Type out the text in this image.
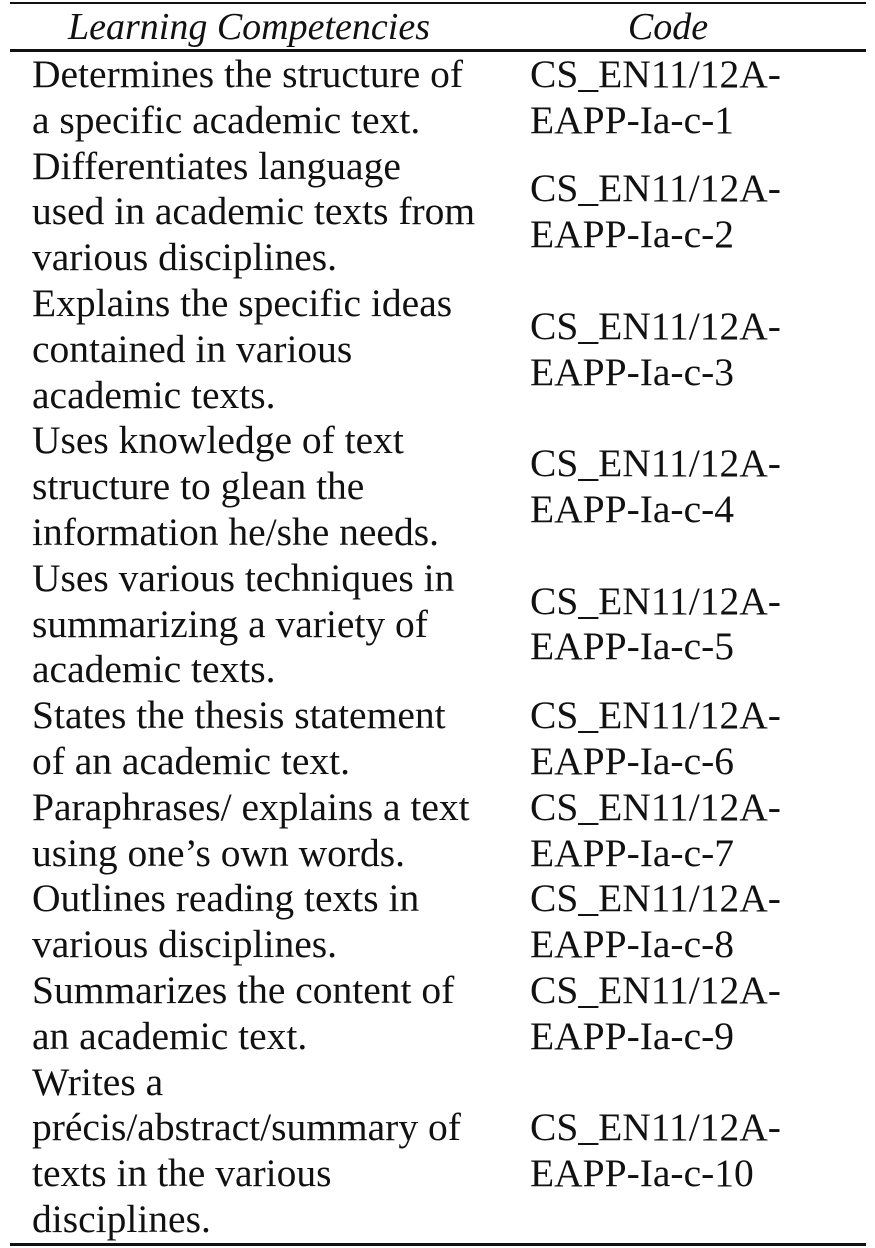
Learning Competencies	Code
Determines the structure of
a specific academic text.
CS_EN11/12A-
EAPP-Ia-c-1
Differentiates language
used in academic texts from
various disciplines.
CS_EN11/12A-
EAPP-Ia-c-2
Explains the specific ideas
contained in various
academic texts.
CS_EN11/12A-
EAPP-Ia-c-3
Uses knowledge of text
structure to glean the
information he/she needs.
CS_EN11/12A-
EAPP-Ia-c-4
Uses various techniques in
summarizing a variety of
academic texts.
CS_EN11/12A-
EAPP-Ia-c-5
States the thesis statement
of an academic text.
CS_EN11/12A-
EAPP-Ia-c-6
Paraphrases/ explains a text
using one’s own words.
CS_EN11/12A-
EAPP-Ia-c-7
Outlines reading texts in
various disciplines.
CS_EN11/12A-
EAPP-Ia-c-8
Summarizes the content of
an academic text.
CS_EN11/12A-
EAPP-Ia-c-9
Writes a
précis/abstract/summary of
texts in the various
disciplines.
CS_EN11/12A-
EAPP-Ia-c-10
